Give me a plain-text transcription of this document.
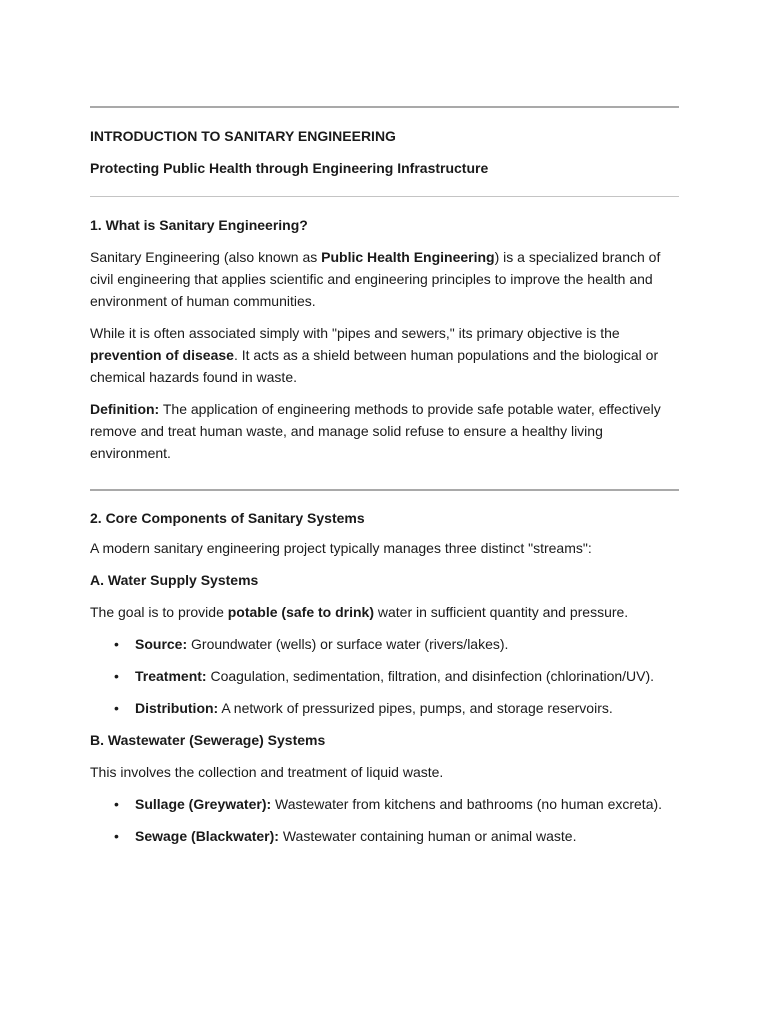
INTRODUCTION TO SANITARY ENGINEERING
Protecting Public Health through Engineering Infrastructure
1. What is Sanitary Engineering?

Sanitary Engineering (also known as Public Health Engineering) is a specialized branch of civil engineering that applies scientific and engineering principles to improve the health and environment of human communities.

While it is often associated simply with "pipes and sewers," its primary objective is the prevention of disease. It acts as a shield between human populations and the biological or chemical hazards found in waste.

Definition: The application of engineering methods to provide safe potable water, effectively remove and treat human waste, and manage solid refuse to ensure a healthy living environment.

2. Core Components of Sanitary Systems

A modern sanitary engineering project typically manages three distinct "streams":

A. Water Supply Systems

The goal is to provide potable (safe to drink) water in sufficient quantity and pressure.

• Source: Groundwater (wells) or surface water (rivers/lakes).
• Treatment: Coagulation, sedimentation, filtration, and disinfection (chlorination/UV).
• Distribution: A network of pressurized pipes, pumps, and storage reservoirs.
B. Wastewater (Sewerage) Systems

This involves the collection and treatment of liquid waste.

• Sullage (Greywater): Wastewater from kitchens and bathrooms (no human excreta).
• Sewage (Blackwater): Wastewater containing human or animal waste.
